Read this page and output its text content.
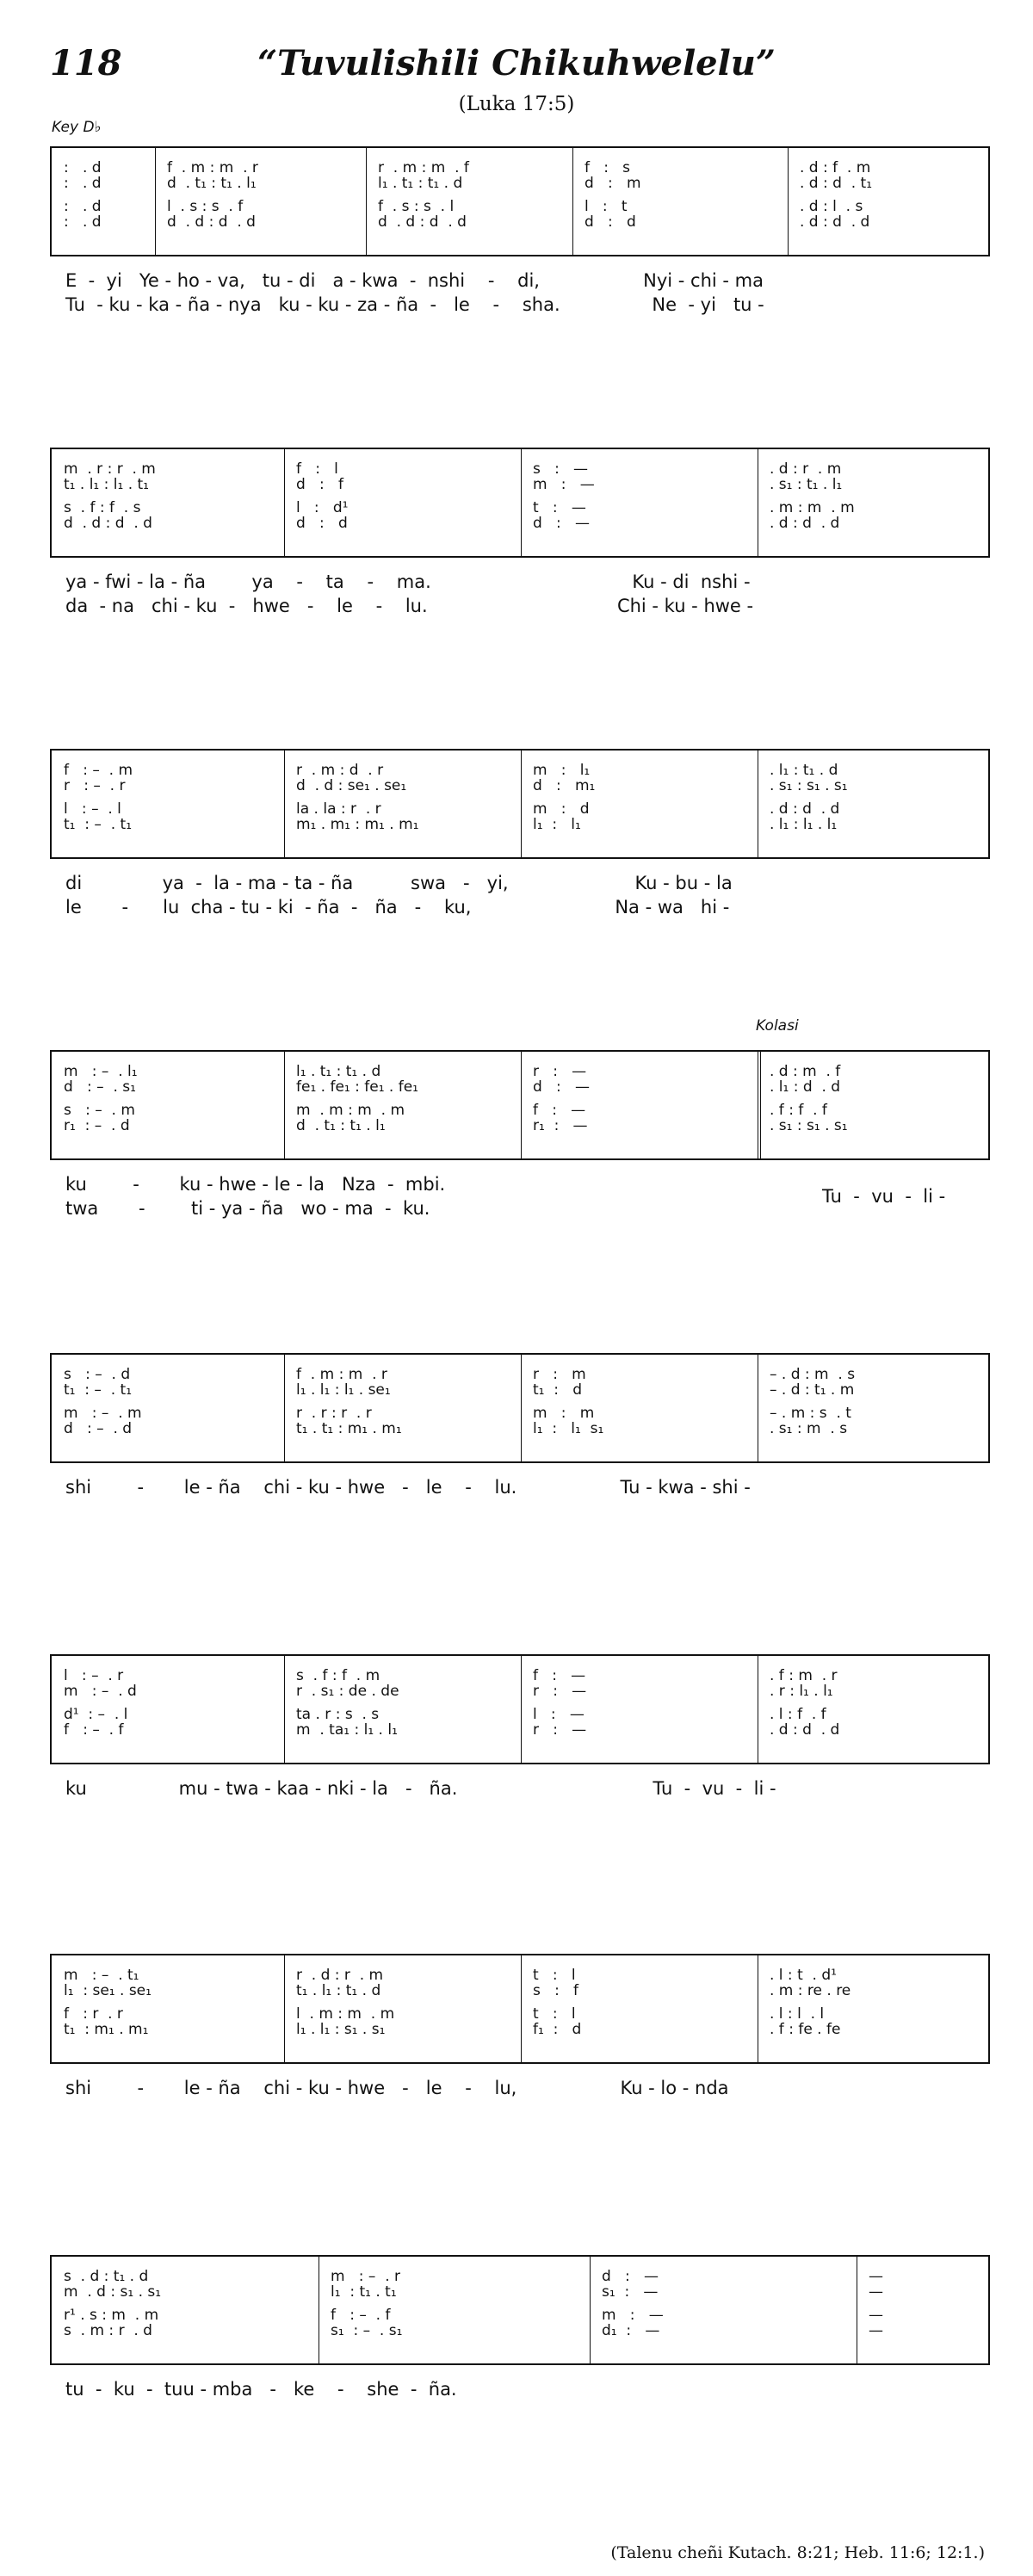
118	“Tuvulishili Chikuhwelelu”
(Luka 17:5)
Key D♭
:   . d
:   . d
:   . d
:   . d
f  . m : m  . r
d  . t₁ : t₁ . l₁
l  . s : s  . f
d  . d : d  . d
r  . m : m  . f
l₁ . t₁ : t₁ . d
f  . s : s  . l
d  . d : d  . d
f   :   s
d   :   m
l   :   t
d   :   d
. d : f  . m
. d : d  . t₁
. d : l  . s
. d : d  . d
E  -  yi   Ye - ho - va,   tu - di   a - kwa  -  nshi    -    di,                  Nyi - chi - ma
Tu  - ku - ka - ña - nya   ku - ku - za - ña  -   le    -    sha.                Ne  - yi   tu -
m  . r : r  . m
t₁ . l₁ : l₁ . t₁
s  . f : f  . s
d  . d : d  . d
f   :   l
d   :   f
l   :   d¹
d   :   d
s   :   —
m   :   —
t   :   —
d   :   —
. d : r  . m
. s₁ : t₁ . l₁
. m : m  . m
. d : d  . d
ya - fwi - la - ña        ya    -    ta    -    ma.                                   Ku - di  nshi -
da  - na   chi - ku  -   hwe   -    le    -    lu.                                 Chi - ku - hwe -
f   : –  . m
r   : –  . r
l   : –  . l
t₁  : –  . t₁
r  . m : d  . r
d  . d : se₁ . se₁
la . la : r  . r
m₁ . m₁ : m₁ . m₁
m   :   l₁
d   :   m₁
m   :   d
l₁  :   l₁
. l₁ : t₁ . d
. s₁ : s₁ . s₁
. d : d  . d
. l₁ : l₁ . l₁
di              ya  -  la - ma - ta - ña          swa   -   yi,                      Ku - bu - la
le       -      lu  cha - tu - ki  - ña  -   ña   -    ku,                         Na - wa   hi -
m   : –  . l₁
d   : –  . s₁
s   : –  . m
r₁  : –  . d
l₁ . t₁ : t₁ . d
fe₁ . fe₁ : fe₁ . fe₁
m  . m : m  . m
d  . t₁ : t₁ . l₁
r   :   —
d   :   —
f   :   —
r₁  :   —
. d : m  . f
. l₁ : d  . d
. f : f  . f
. s₁ : s₁ . s₁
ku        -       ku - hwe - le - la   Nza  -  mbi.
twa       -        ti - ya - ña   wo - ma  -  ku.
Tu  -  vu  -  li -
Kolasi
s   : –  . d
t₁  : –  . t₁
m   : –  . m
d   : –  . d
f  . m : m  . r
l₁ . l₁ : l₁ . se₁
r  . r : r  . r
t₁ . t₁ : m₁ . m₁
r   :   m
t₁  :   d
m   :   m
l₁  :   l₁  s₁
– . d : m  . s
– . d : t₁ . m
– . m : s  . t
. s₁ : m  . s
shi        -       le - ña    chi - ku - hwe   -   le    -    lu.                  Tu - kwa - shi -
l   : –  . r
m   : –  . d
d¹  : –  . l
f   : –  . f
s  . f : f  . m
r  . s₁ : de . de
ta . r : s  . s
m  . ta₁ : l₁ . l₁
f   :   —
r   :   —
l   :   —
r   :   —
. f : m  . r
. r : l₁ . l₁
. l : f  . f
. d : d  . d
ku                mu - twa - kaa - nki - la   -   ña.                                  Tu  -  vu  -  li -
m   : –  . t₁
l₁  : se₁ . se₁
f   : r  . r
t₁  : m₁ . m₁
r  . d : r  . m
t₁ . l₁ : t₁ . d
l  . m : m  . m
l₁ . l₁ : s₁ . s₁
t   :   l
s   :   f
t   :   l
f₁  :   d
. l : t  . d¹
. m : re . re
. l : l  . l
. f : fe . fe
shi        -       le - ña    chi - ku - hwe   -   le    -    lu,                  Ku - lo - nda
s  . d : t₁ . d
m  . d : s₁ . s₁
r¹ . s : m  . m
s  . m : r  . d
m   : –  . r
l₁  : t₁ . t₁
f   : –  . f
s₁  : –  . s₁
d   :   —
s₁  :   —
m   :   —
d₁  :   —
—
—
—
—
tu  -  ku  -  tuu - mba   -   ke    -    she  -  ña.
(Talenu cheñi Kutach. 8:21; Heb. 11:6; 12:1.)
